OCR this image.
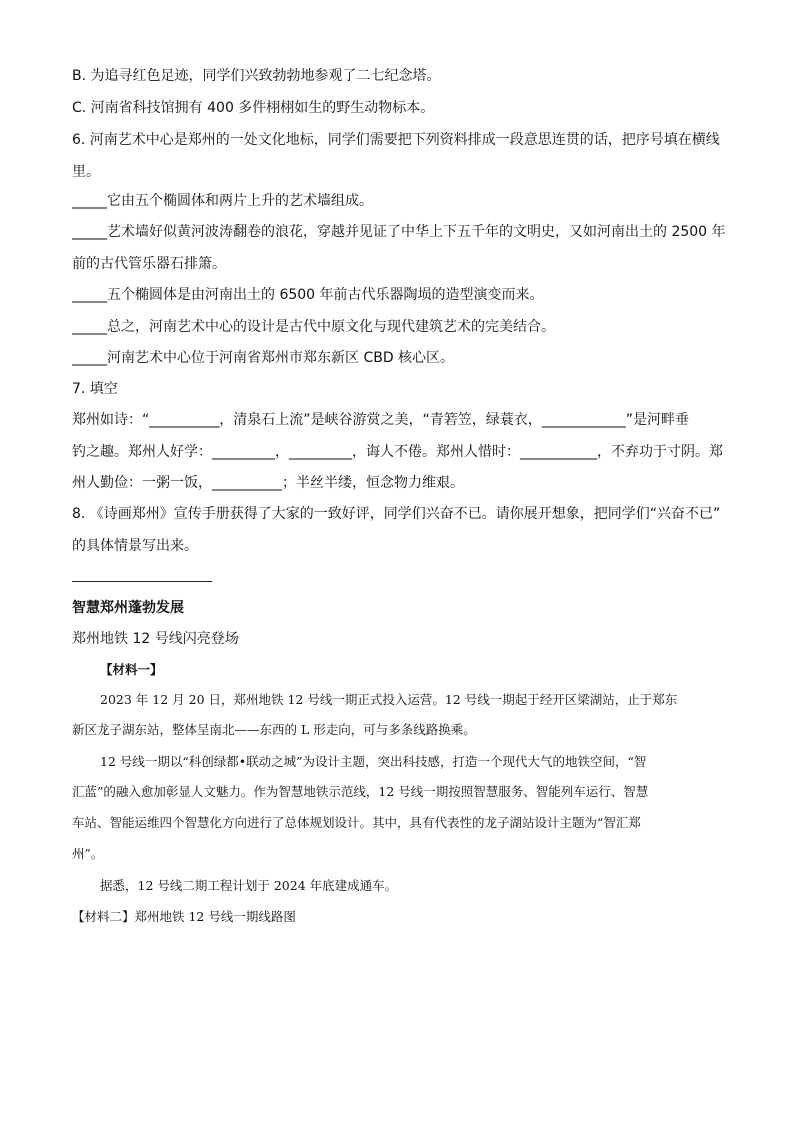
B. 为追寻红色足迹，同学们兴致勃勃地参观了二七纪念塔。
C. 河南省科技馆拥有 400 多件栩栩如生的野生动物标本。
6. 河南艺术中心是郑州的一处文化地标，同学们需要把下列资料排成一段意思连贯的话，把序号填在横线
里。
_____它由五个椭圆体和两片上升的艺术墙组成。
_____艺术墙好似黄河波涛翻卷的浪花，穿越并见证了中华上下五千年的文明史，又如河南出土的 2500 年
前的古代管乐器石排箫。
_____五个椭圆体是由河南出土的 6500 年前古代乐器陶埙的造型演变而来。
_____总之，河南艺术中心的设计是古代中原文化与现代建筑艺术的完美结合。
_____河南艺术中心位于河南省郑州市郑东新区 CBD 核心区。
7. 填空
郑州如诗：“__________，清泉石上流”是峡谷游赏之美，“青箬笠，绿蓑衣，____________”是河畔垂
钓之趣。郑州人好学：_________，_________，诲人不倦。郑州人惜时：___________，不弃功于寸阴。郑
州人勤俭：一粥一饭，__________；半丝半缕，恒念物力维艰。
8. 《诗画郑州》宣传手册获得了大家的一致好评，同学们兴奋不已。请你展开想象，把同学们“兴奋不已”
的具体情景写出来。
智慧郑州蓬勃发展
郑州地铁 12 号线闪亮登场
【材料一】
2023 年 12 月 20 日，郑州地铁 12 号线一期正式投入运营。12 号线一期起于经开区梁湖站，止于郑东
新区龙子湖东站，整体呈南北——东西的 L 形走向，可与多条线路换乘。
12 号线一期以“科创绿都•联动之城”为设计主题，突出科技感，打造一个现代大气的地铁空间，“智
汇蓝”的融入愈加彰显人文魅力。作为智慧地铁示范线，12 号线一期按照智慧服务、智能列车运行、智慧
车站、智能运维四个智慧化方向进行了总体规划设计。其中，具有代表性的龙子湖站设计主题为“智汇郑
州”。
据悉，12 号线二期工程计划于 2024 年底建成通车。
【材料二】郑州地铁 12 号线一期线路图
